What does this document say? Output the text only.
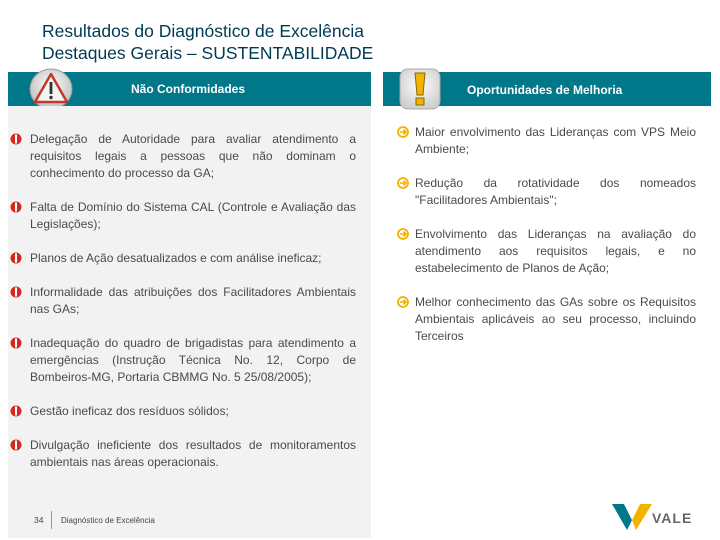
Resultados do Diagnóstico de Excelência
Destaques Gerais – SUSTENTABILIDADE
Não Conformidades	Oportunidades de Melhoria
Delegação de Autoridade para avaliar atendimento a requisitos legais a pessoas que não dominam o conhecimento do processo da GA;
Falta de Domínio do Sistema CAL (Controle e Avaliação das Legislações);
Planos de Ação desatualizados e com análise ineficaz;
Informalidade das atribuições dos Facilitadores Ambientais nas GAs;
Inadequação do quadro de brigadistas para atendimento a emergências (Instrução Técnica No. 12, Corpo de Bombeiros-MG, Portaria CBMMG No. 5 25/08/2005);
Gestão ineficaz dos resíduos sólidos;
Divulgação ineficiente dos resultados de monitoramentos ambientais nas áreas operacionais.
Maior envolvimento das Lideranças com VPS Meio Ambiente;
Redução da rotatividade dos nomeados "Facilitadores Ambientais";
Envolvimento das Lideranças na avaliação do atendimento aos requisitos legais, e no estabelecimento de Planos de Ação;
Melhor conhecimento das GAs sobre os Requisitos Ambientais aplicáveis ao seu processo, incluindo Terceiros
34 Diagnóstico de Excelência	VALE
